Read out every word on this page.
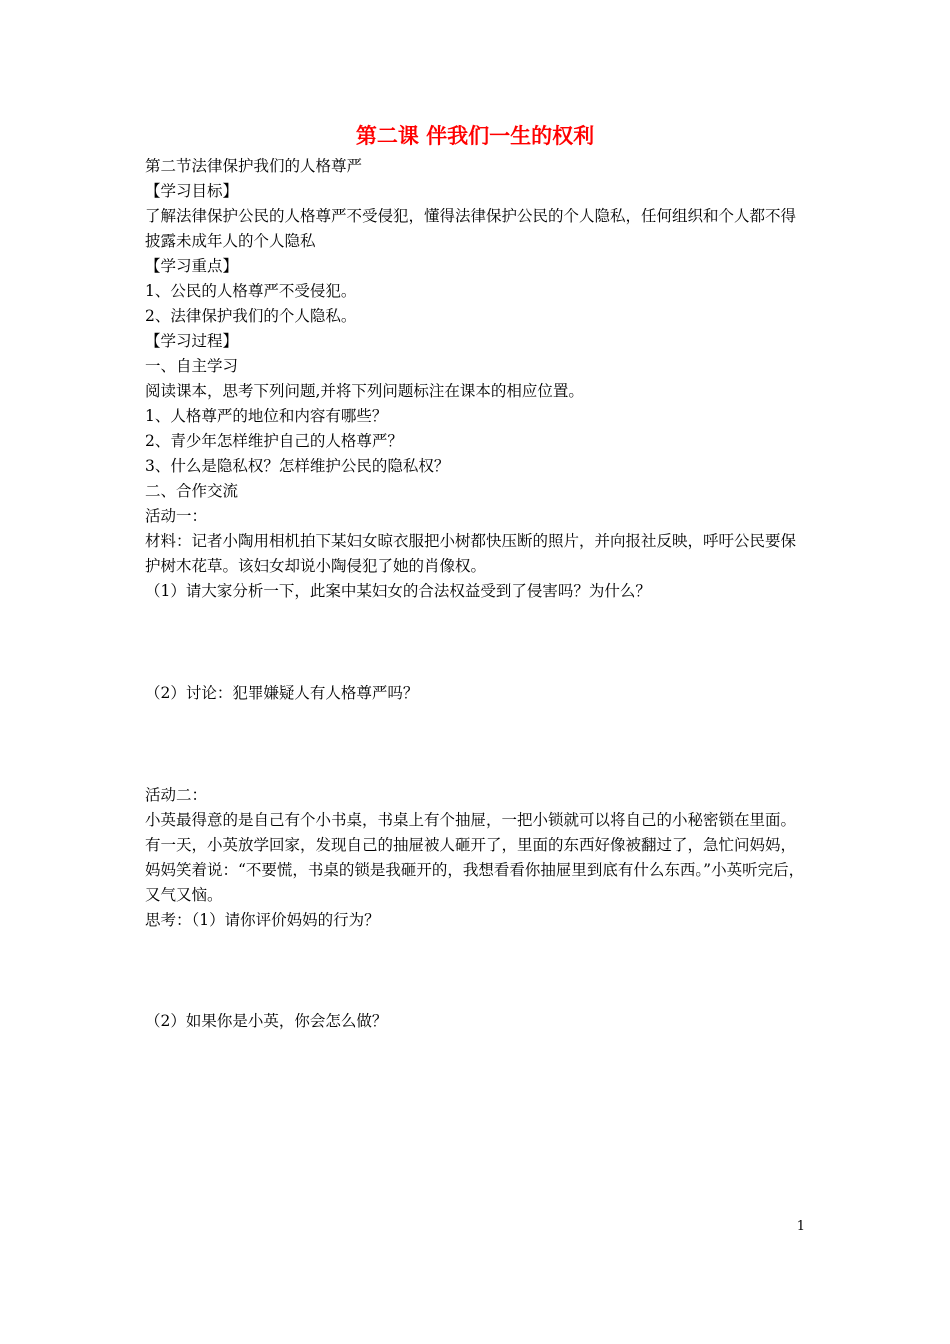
第二课 伴我们一生的权利

第二节法律保护我们的人格尊严

【学习目标】

了解法律保护公民的人格尊严不受侵犯，懂得法律保护公民的个人隐私，任何组织和个人都不得披露未成年人的个人隐私

【学习重点】

1、公民的人格尊严不受侵犯。

2、法律保护我们的个人隐私。

【学习过程】

一、自主学习

阅读课本，思考下列问题,并将下列问题标注在课本的相应位置。

1、人格尊严的地位和内容有哪些？

2、青少年怎样维护自己的人格尊严？

3、什么是隐私权？怎样维护公民的隐私权？

二、合作交流

活动一：

材料：记者小陶用相机拍下某妇女晾衣服把小树都快压断的照片，并向报社反映，呼吁公民要保护树木花草。该妇女却说小陶侵犯了她的肖像权。

（1）请大家分析一下，此案中某妇女的合法权益受到了侵害吗？为什么？

（2）讨论：犯罪嫌疑人有人格尊严吗？

活动二：

小英最得意的是自己有个小书桌，书桌上有个抽屉，一把小锁就可以将自己的小秘密锁在里面。有一天，小英放学回家，发现自己的抽屉被人砸开了，里面的东西好像被翻过了，急忙问妈妈，妈妈笑着说：“不要慌，书桌的锁是我砸开的，我想看看你抽屉里到底有什么东西。”小英听完后，又气又恼。

思考：（1）请你评价妈妈的行为？

（2）如果你是小英，你会怎么做？

1
